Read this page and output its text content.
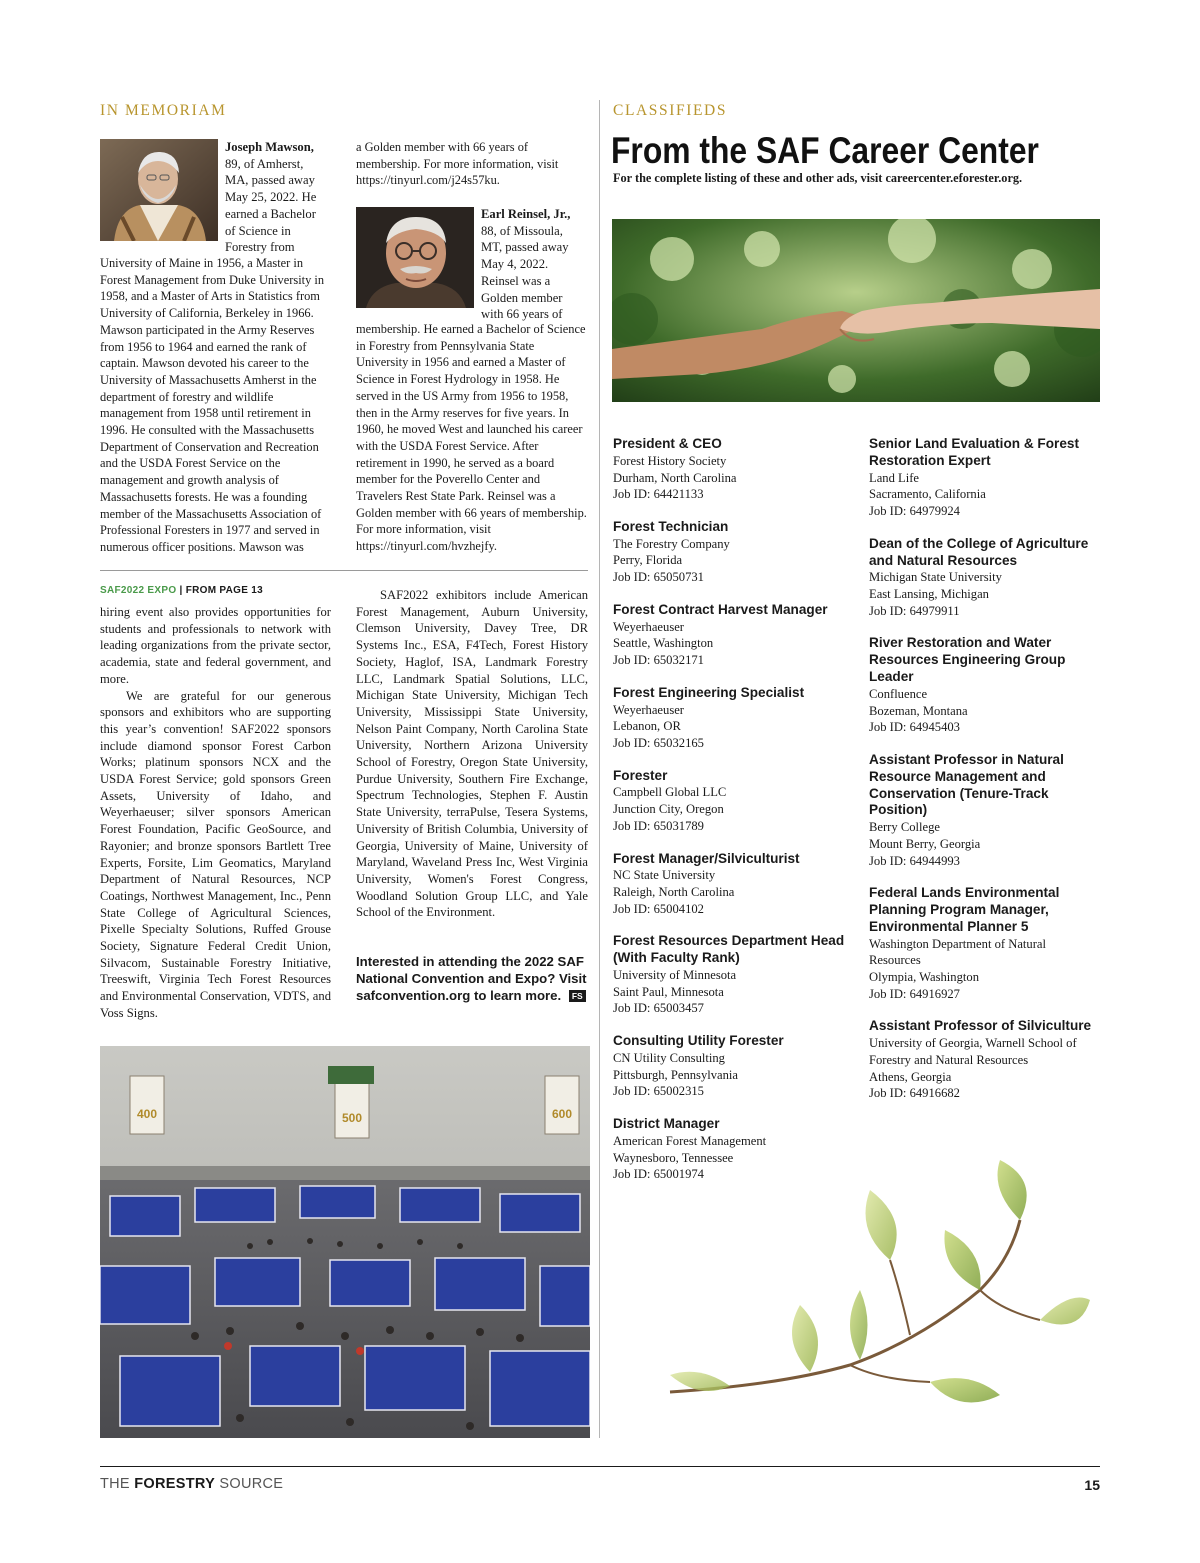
IN MEMORIAM
Joseph Mawson,
89, of Amherst,
MA, passed away
May 25, 2022. He
earned a Bachelor
of Science in
Forestry from
University of Maine in 1956, a Master in Forest Management from Duke University in 1958, and a Master of Arts in Statistics from University of California, Berkeley in 1966. Mawson participated in the Army Reserves from 1956 to 1964 and earned the rank of captain. Mawson devoted his career to the University of Massachusetts Amherst in the department of forestry and wildlife management from 1958 until retirement in 1996. He consulted with the Massachusetts Department of Conservation and Recreation and the USDA Forest Service on the management and growth analysis of Massachusetts forests. He was a founding member of the Massachusetts Association of Professional Foresters in 1977 and served in numerous officer positions. Mawson was
a Golden member with 66 years of membership. For more information, visit https://tinyurl.com/j24s57ku.
Earl Reinsel, Jr.,
88, of Missoula,
MT, passed away
May 4, 2022.
Reinsel was a
Golden member
with 66 years of
membership. He earned a Bachelor of Science in Forestry from Pennsylvania State University in 1956 and earned a Master of Science in Forest Hydrology in 1958. He served in the US Army from 1956 to 1958, then in the Army reserves for five years. In 1960, he moved West and launched his career with the USDA Forest Service. After retirement in 1990, he served as a board member for the Poverello Center and Travelers Rest State Park. Reinsel was a Golden member with 66 years of membership. For more information, visit https://tinyurl.com/hvzhejfy.
SAF2022 EXPO | FROM PAGE 13

hiring event also provides opportunities for students and professionals to network with leading organizations from the private sector, academia, state and federal government, and more.

We are grateful for our generous sponsors and exhibitors who are supporting this year’s convention! SAF2022 sponsors include diamond sponsor Forest Carbon Works; platinum sponsors NCX and the USDA Forest Service; gold sponsors Green Assets, University of Idaho, and Weyerhaeuser; silver sponsors American Forest Foundation, Pacific GeoSource, and Rayonier; and bronze sponsors Bartlett Tree Experts, Forsite, Lim Geomatics, Maryland Department of Natural Resources, NCP Coatings, Northwest Management, Inc., Penn State College of Agricultural Sciences, Pixelle Specialty Solutions, Ruffed Grouse Society, Signature Federal Credit Union, Silvacom, Sustainable Forestry Initiative, Treeswift, Virginia Tech Forest Resources and Environmental Conservation, VDTS, and Voss Signs.

SAF2022 exhibitors include American Forest Management, Auburn University, Clemson University, Davey Tree, DR Systems Inc., ESA, F4Tech, Forest History Society, Haglof, ISA, Landmark Forestry LLC, Landmark Spatial Solutions, LLC, Michigan State University, Michigan Tech University, Mississippi State University, Nelson Paint Company, North Carolina State University, Northern Arizona University School of Forestry, Oregon State University, Purdue University, Southern Fire Exchange, Spectrum Technologies, Stephen F. Austin State University, terraPulse, Tesera Systems, University of British Columbia, University of Georgia, University of Maine, University of Maryland, Waveland Press Inc, West Virginia University, Women's Forest Congress, Woodland Solution Group LLC, and Yale School of the Environment.

Interested in attending the 2022 SAF National Convention and Expo? Visit safconvention.org to learn more. FS
400	500	600
CLASSIFIEDS
From the SAF Career Center
For the complete listing of these and other ads, visit careercenter.eforester.org.
President & CEO
Forest History Society
Durham, North Carolina
Job ID: 64421133
Forest Technician
The Forestry Company
Perry, Florida
Job ID: 65050731
Forest Contract Harvest Manager
Weyerhaeuser
Seattle, Washington
Job ID: 65032171
Forest Engineering Specialist
Weyerhaeuser
Lebanon, OR
Job ID: 65032165
Forester
Campbell Global LLC
Junction City, Oregon
Job ID: 65031789
Forest Manager/Silviculturist
NC State University
Raleigh, North Carolina
Job ID: 65004102
Forest Resources Department Head (With Faculty Rank)
University of Minnesota
Saint Paul, Minnesota
Job ID: 65003457
Consulting Utility Forester
CN Utility Consulting
Pittsburgh, Pennsylvania
Job ID: 65002315
District Manager
American Forest Management
Waynesboro, Tennessee
Job ID: 65001974
Senior Land Evaluation & Forest Restoration Expert
Land Life
Sacramento, California
Job ID: 64979924
Dean of the College of Agriculture and Natural Resources
Michigan State University
East Lansing, Michigan
Job ID: 64979911
River Restoration and Water Resources Engineering Group Leader
Confluence
Bozeman, Montana
Job ID: 64945403
Assistant Professor in Natural Resource Management and Conservation (Tenure-Track Position)
Berry College
Mount Berry, Georgia
Job ID: 64944993
Federal Lands Environmental Planning Program Manager, Environmental Planner 5
Washington Department of Natural Resources
Olympia, Washington
Job ID: 64916927
Assistant Professor of Silviculture
University of Georgia, Warnell School of Forestry and Natural Resources
Athens, Georgia
Job ID: 64916682
THE FORESTRY SOURCE	15
